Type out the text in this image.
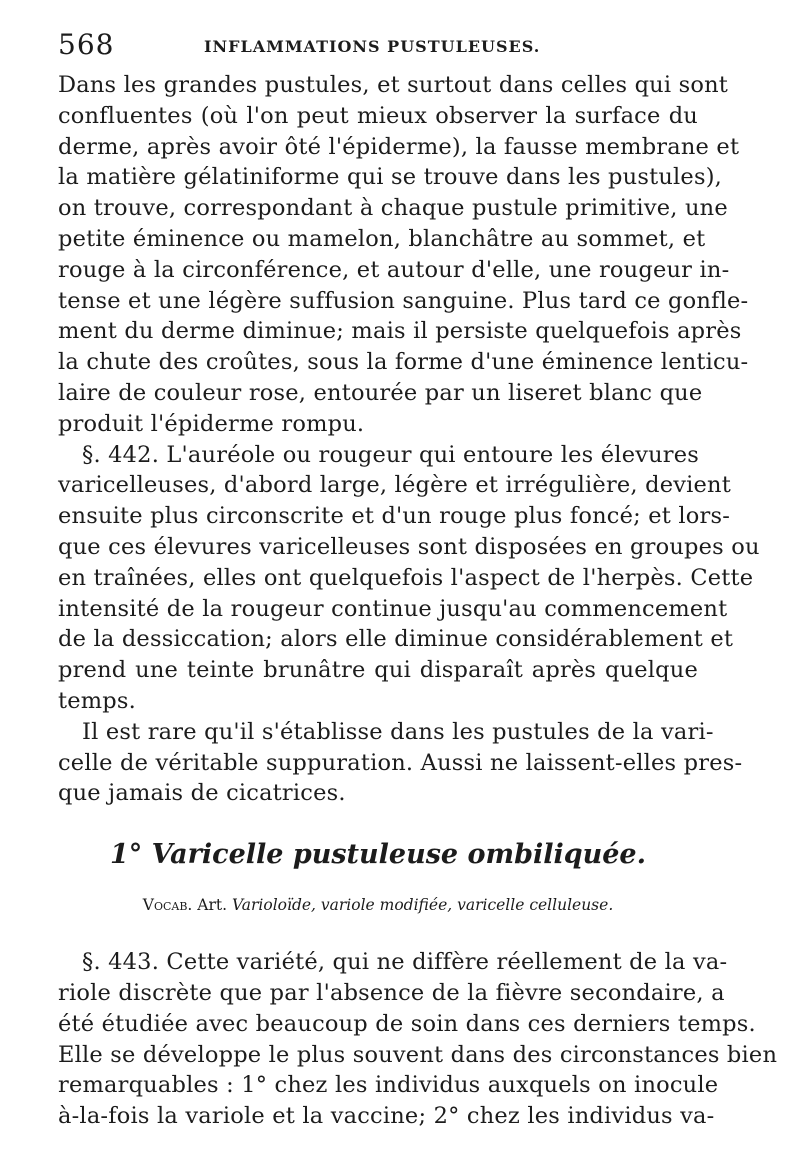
568	INFLAMMATIONS PUSTULEUSES.
Dans les grandes pustules, et surtout dans celles qui sont
confluentes (où l'on peut mieux observer la surface du
derme, après avoir ôté l'épiderme), la fausse membrane et
la matière gélatiniforme qui se trouve dans les pustules),
on trouve, correspondant à chaque pustule primitive, une
petite éminence ou mamelon, blanchâtre au sommet, et
rouge à la circonférence, et autour d'elle, une rougeur in-
tense et une légère suffusion sanguine. Plus tard ce gonfle-
ment du derme diminue; mais il persiste quelquefois après
la chute des croûtes, sous la forme d'une éminence lenticu-
laire de couleur rose, entourée par un liseret blanc que
produit l'épiderme rompu.
§. 442. L'auréole ou rougeur qui entoure les élevures
varicelleuses, d'abord large, légère et irrégulière, devient
ensuite plus circonscrite et d'un rouge plus foncé; et lors-
que ces élevures varicelleuses sont disposées en groupes ou
en traînées, elles ont quelquefois l'aspect de l'herpès. Cette
intensité de la rougeur continue jusqu'au commencement
de la dessiccation; alors elle diminue considérablement et
prend une teinte brunâtre qui disparaît après quelque
temps.
Il est rare qu'il s'établisse dans les pustules de la vari-
celle de véritable suppuration. Aussi ne laissent-elles pres-
que jamais de cicatrices.
1° Varicelle pustuleuse ombiliquée.
Vocab. Art. Varioloïde, variole modifiée, varicelle celluleuse.
§. 443. Cette variété, qui ne diffère réellement de la va-
riole discrète que par l'absence de la fièvre secondaire, a
été étudiée avec beaucoup de soin dans ces derniers temps.
Elle se développe le plus souvent dans des circonstances bien
remarquables : 1° chez les individus auxquels on inocule
à-la-fois la variole et la vaccine; 2° chez les individus va-
